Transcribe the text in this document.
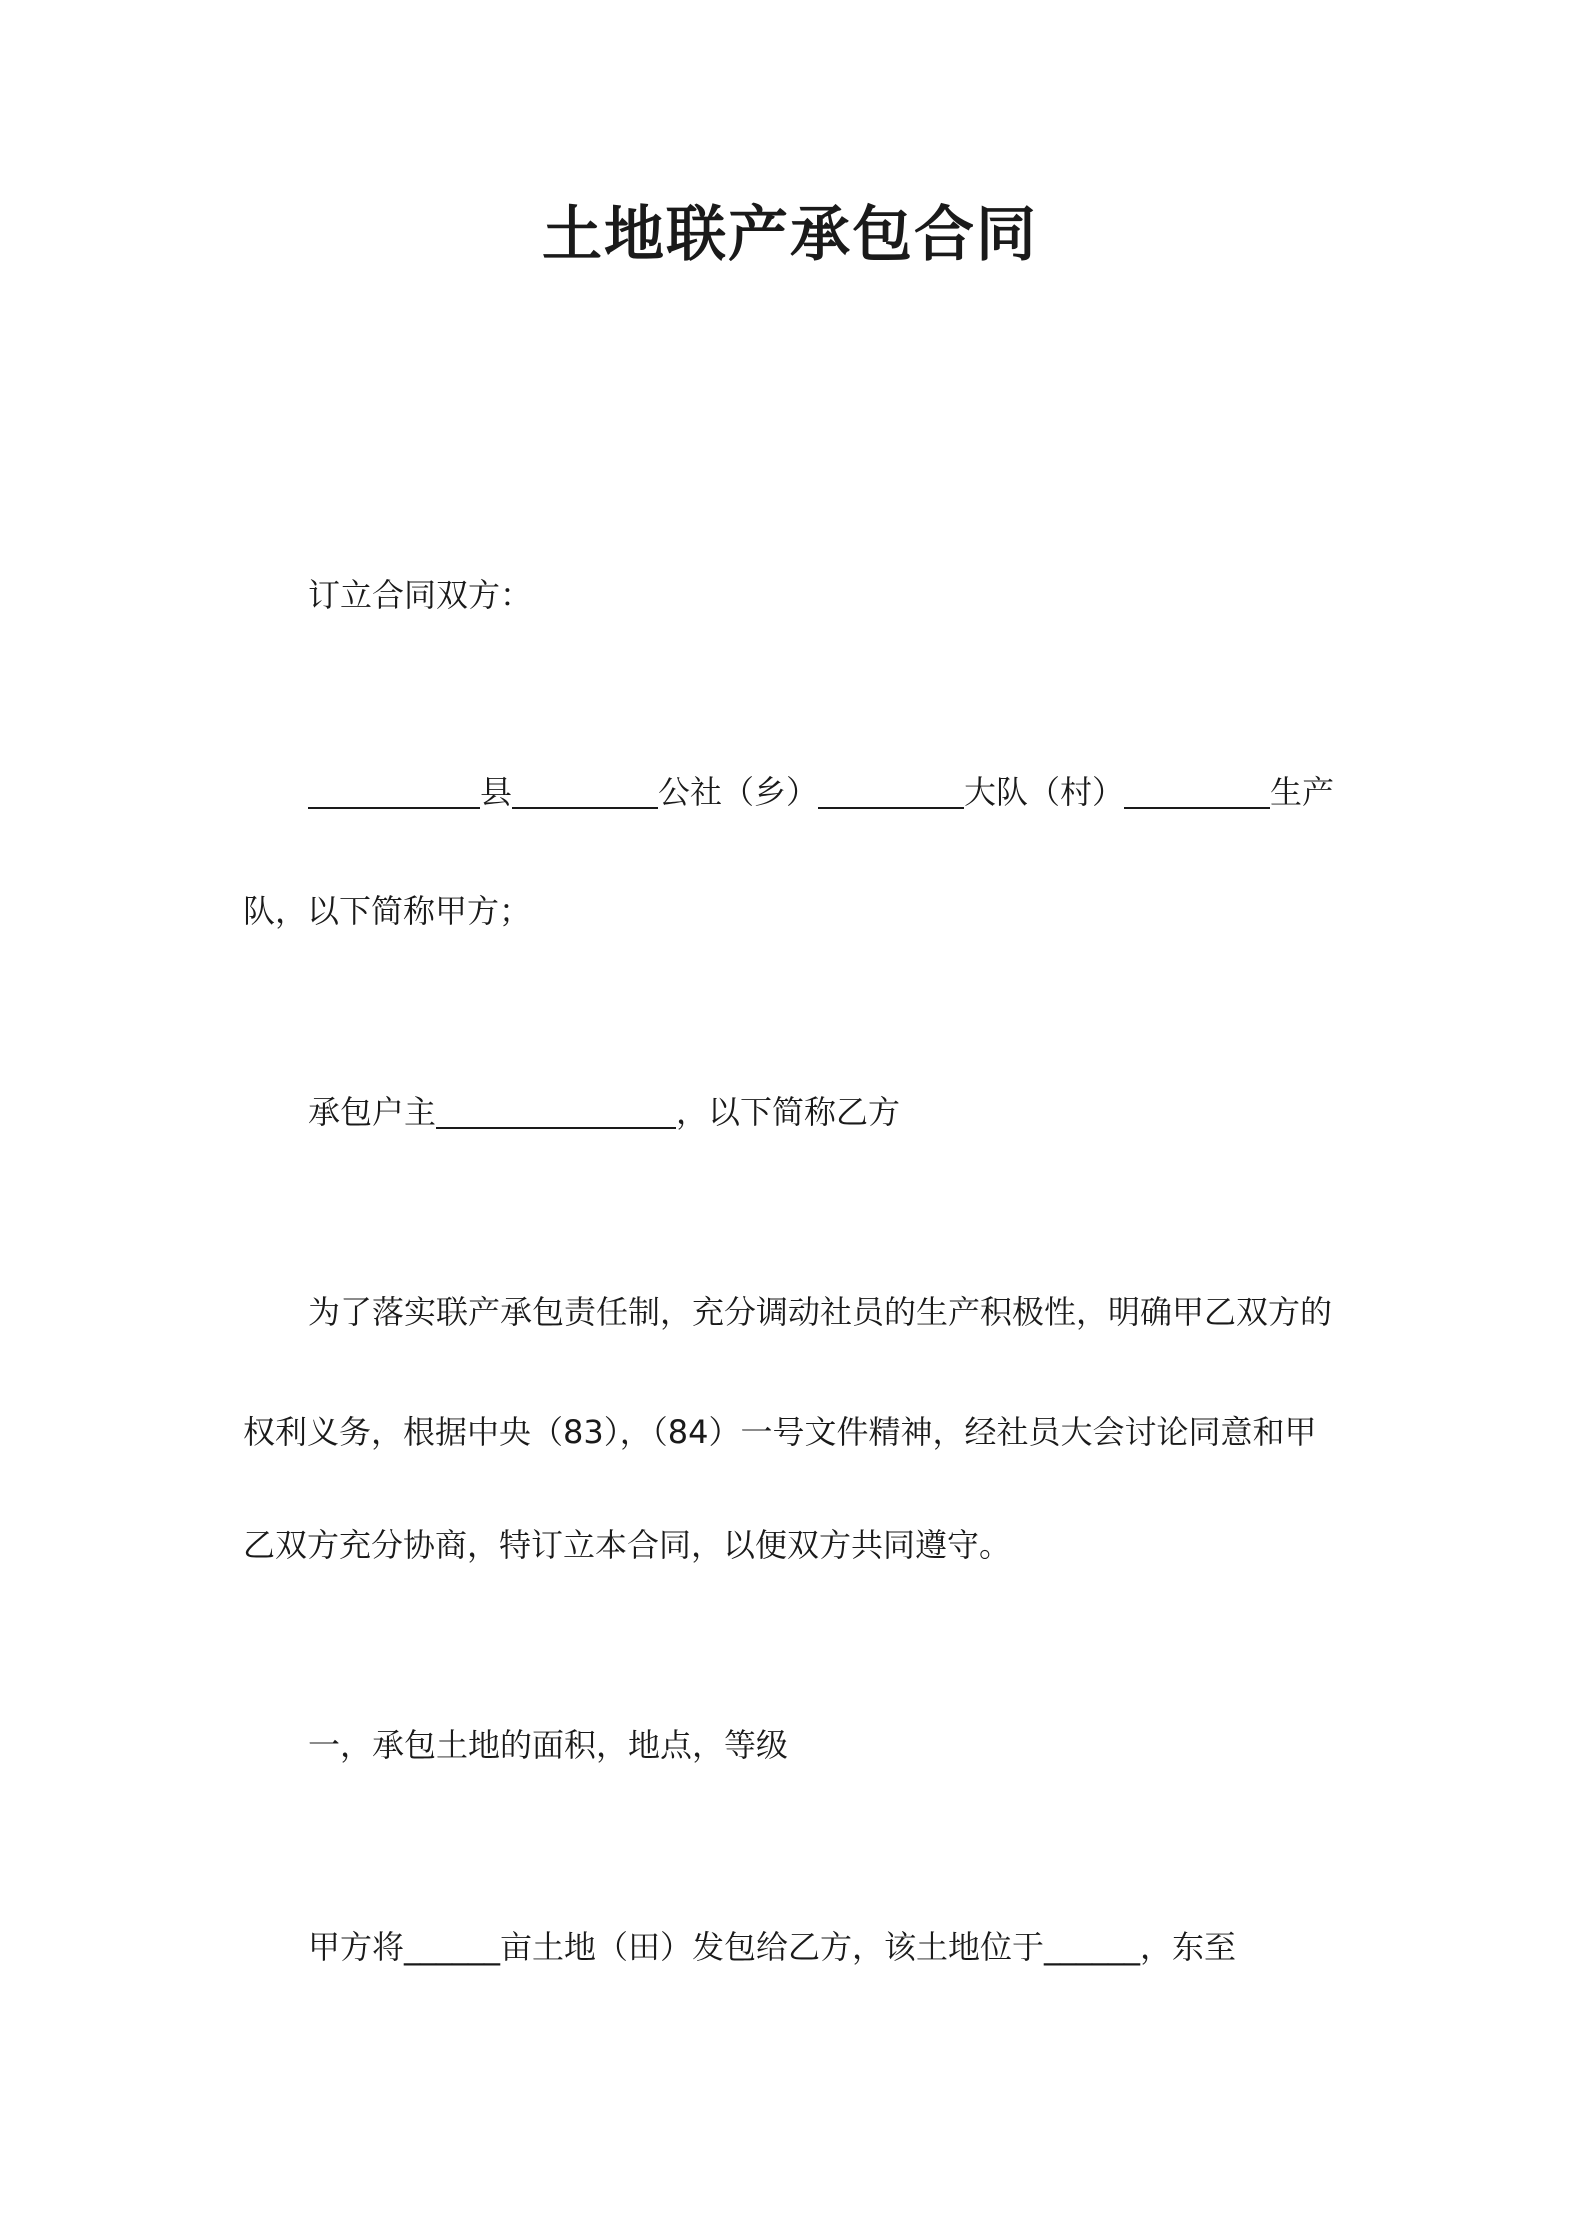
土地联产承包合同
订立合同双方：
县	公社（乡）	大队（村）	生产
队，以下简称甲方；
承包户主	，以下简称乙方
为了落实联产承包责任制，充分调动社员的生产积极性，明确甲乙双方的
权利义务，根据中央（83），（84）一号文件精神，经社员大会讨论同意和甲
乙双方充分协商，特订立本合同，以便双方共同遵守。
一，承包土地的面积，地点，等级
甲方将______亩土地（田）发包给乙方，该土地位于______，东至
